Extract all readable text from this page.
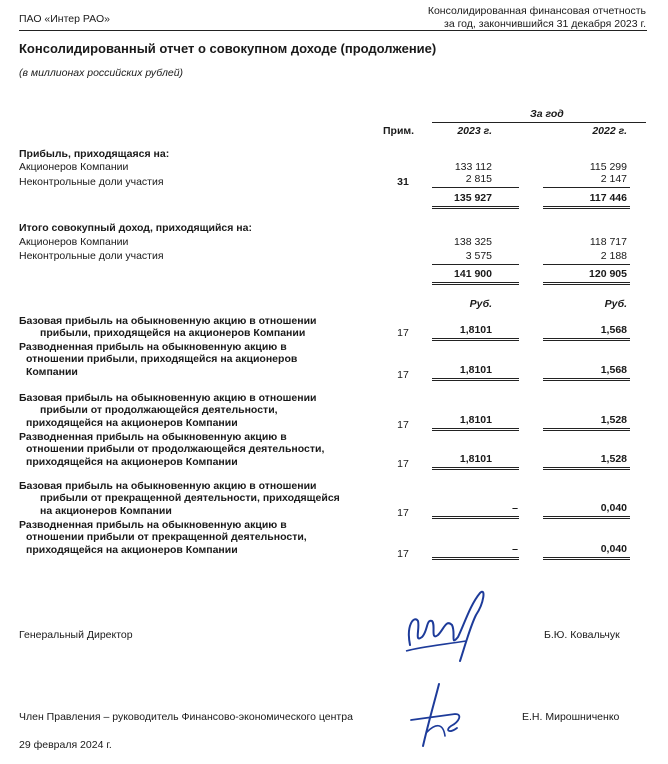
ПАО «Интер РАО»
Консолидированная финансовая отчетность
за год, закончившийся 31 декабря 2023 г.
Консолидированный отчет о совокупном доходе (продолжение)
(в миллионах российских рублей)
За год
Прим.	2023 г.	2022 г.
Прибыль, приходящаяся на:
Акционеров Компании	133 112	115 299
Неконтрольные доли участия	31	2 815	2 147
135 927	117 446
Итого совокупный доход, приходящийся на:
Акционеров Компании	138 325	118 717
Неконтрольные доли участия	3 575	2 188
141 900	120 905
Руб.	Руб.
Базовая прибыль на обыкновенную акцию в отношении
прибыли, приходящейся на акционеров Компании	17	1,8101	1,568
Разводненная прибыль на обыкновенную акцию в
отношении прибыли, приходящейся на акционеров
Компании	17	1,8101	1,568
Базовая прибыль на обыкновенную акцию в отношении
прибыли от продолжающейся деятельности,
приходящейся на акционеров Компании	17	1,8101	1,528
Разводненная прибыль на обыкновенную акцию в
отношении прибыли от продолжающейся деятельности,
приходящейся на акционеров Компании	17	1,8101	1,528
Базовая прибыль на обыкновенную акцию в отношении
прибыли от прекращенной деятельности, приходящейся
на акционеров Компании	17	–	0,040
Разводненная прибыль на обыкновенную акцию в
отношении прибыли от прекращенной деятельности,
приходящейся на акционеров Компании	17	–	0,040
Генеральный Директор	Б.Ю. Ковальчук
Член Правления – руководитель Финансово-экономического центра	Е.Н. Мирошниченко
29 февраля 2024 г.
